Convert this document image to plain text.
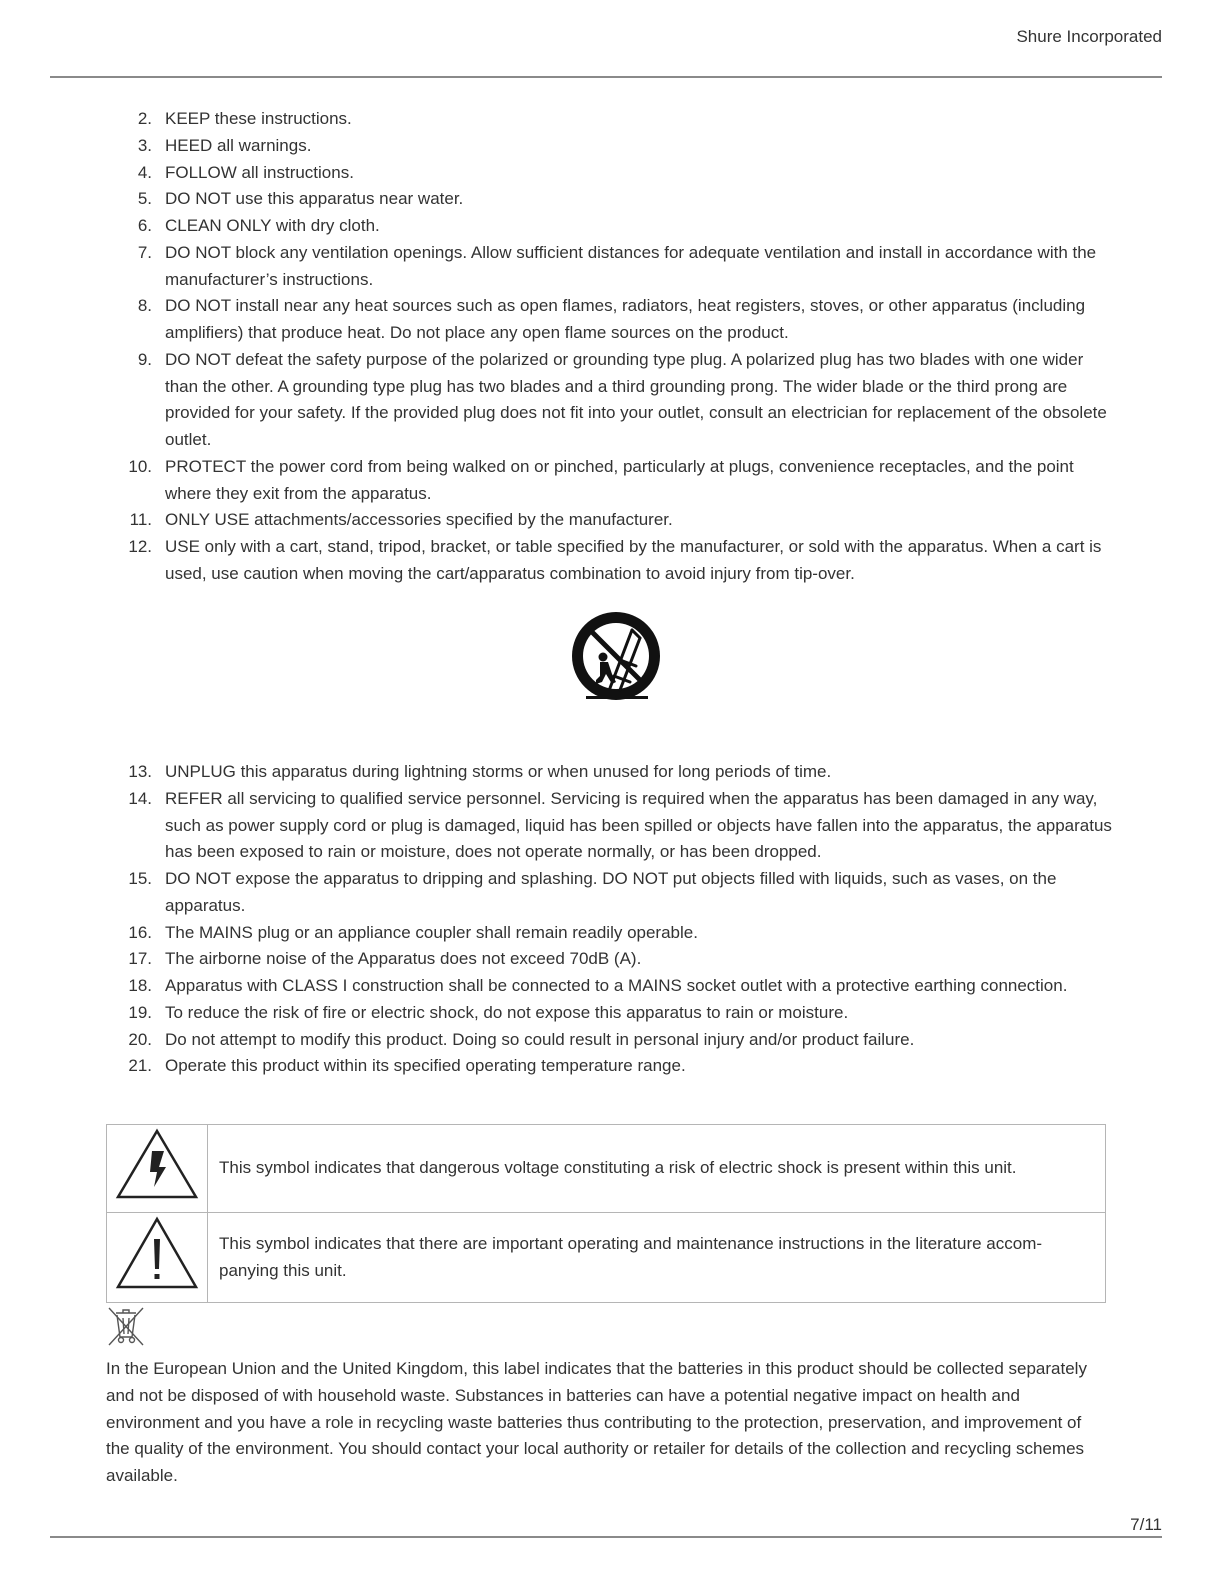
Shure Incorporated
2. KEEP these instructions.
3. HEED all warnings.
4. FOLLOW all instructions.
5. DO NOT use this apparatus near water.
6. CLEAN ONLY with dry cloth.
7. DO NOT block any ventilation openings. Allow sufficient distances for adequate ventilation and install in accordance with the manufacturer’s instructions.
8. DO NOT install near any heat sources such as open flames, radiators, heat registers, stoves, or other apparatus (including amplifiers) that produce heat. Do not place any open flame sources on the product.
9. DO NOT defeat the safety purpose of the polarized or grounding type plug. A polarized plug has two blades with one wider than the other. A grounding type plug has two blades and a third grounding prong. The wider blade or the third prong are provided for your safety. If the provided plug does not fit into your outlet, consult an electrician for replacement of the obsolete outlet.
10. PROTECT the power cord from being walked on or pinched, particularly at plugs, convenience receptacles, and the point where they exit from the apparatus.
11. ONLY USE attachments/accessories specified by the manufacturer.
12. USE only with a cart, stand, tripod, bracket, or table specified by the manufacturer, or sold with the apparatus. When a cart is used, use caution when moving the cart/apparatus combination to avoid injury from tip-over.
13. UNPLUG this apparatus during lightning storms or when unused for long periods of time.
14. REFER all servicing to qualified service personnel. Servicing is required when the apparatus has been damaged in any way, such as power supply cord or plug is damaged, liquid has been spilled or objects have fallen into the apparatus, the apparatus has been exposed to rain or moisture, does not operate normally, or has been dropped.
15. DO NOT expose the apparatus to dripping and splashing. DO NOT put objects filled with liquids, such as vases, on the apparatus.
16. The MAINS plug or an appliance coupler shall remain readily operable.
17. The airborne noise of the Apparatus does not exceed 70dB (A).
18. Apparatus with CLASS I construction shall be connected to a MAINS socket outlet with a protective earthing connection.
19. To reduce the risk of fire or electric shock, do not expose this apparatus to rain or moisture.
20. Do not attempt to modify this product. Doing so could result in personal injury and/or product failure.
21. Operate this product within its specified operating temperature range.
	This symbol indicates that dangerous voltage constituting a risk of electric shock is present within this unit.
	This symbol indicates that there are important operating and maintenance instructions in the literature accompanying this unit.

In the European Union and the United Kingdom, this label indicates that the batteries in this product should be collected separately and not be disposed of with household waste. Substances in batteries can have a potential negative impact on health and environment and you have a role in recycling waste batteries thus contributing to the protection, preservation, and improvement of the quality of the environment. You should contact your local authority or retailer for details of the collection and recycling schemes available.

7/11
